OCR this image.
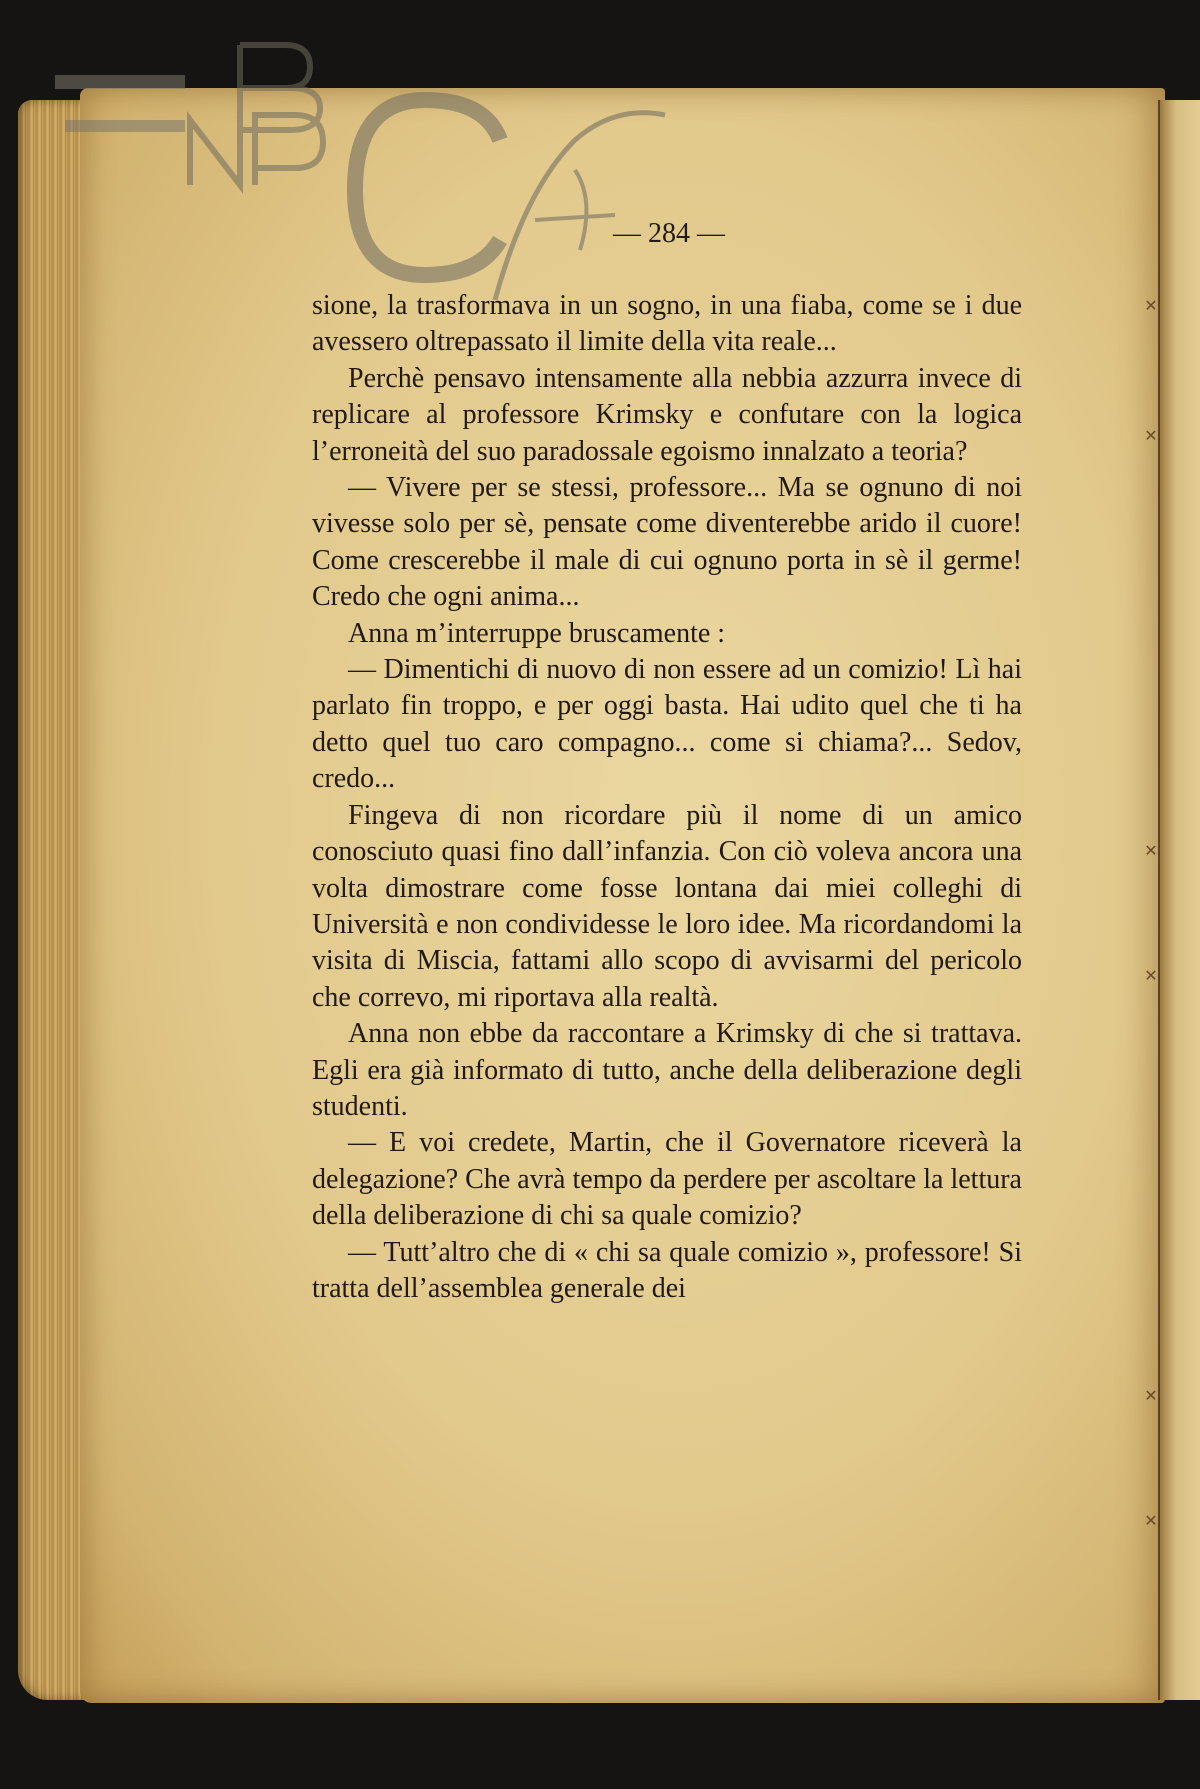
✕
✕
✕
✕
✕
✕
— 284 —

sione, la trasformava in un sogno, in una fiaba, come se i due avessero oltrepassato il limite della vita reale...

Perchè pensavo intensamente alla nebbia azzurra invece di replicare al professore Krimsky e confutare con la logica l’erroneità del suo paradossale egoismo innalzato a teoria?

— Vivere per se stessi, professore... Ma se ognuno di noi vivesse solo per sè, pensate come diventerebbe arido il cuore! Come crescerebbe il male di cui ognuno porta in sè il germe! Credo che ogni anima...

Anna m’interruppe bruscamente :

— Dimentichi di nuovo di non essere ad un comizio! Lì hai parlato fin troppo, e per oggi basta. Hai udito quel che ti ha detto quel tuo caro compagno... come si chiama?... Sedov, credo...

Fingeva di non ricordare più il nome di un amico conosciuto quasi fino dall’infanzia. Con ciò voleva ancora una volta dimostrare come fosse lontana dai miei colleghi di Università e non condividesse le loro idee. Ma ricordandomi la visita di Miscia, fattami allo scopo di avvisarmi del pericolo che correvo, mi riportava alla realtà.

Anna non ebbe da raccontare a Krimsky di che si trattava. Egli era già informato di tutto, anche della deliberazione degli studenti.

— E voi credete, Martin, che il Governatore riceverà la delegazione? Che avrà tempo da perdere per ascoltare la lettura della deliberazione di chi sa quale comizio?

— Tutt’altro che di « chi sa quale comizio », professore! Si tratta dell’assemblea generale dei
